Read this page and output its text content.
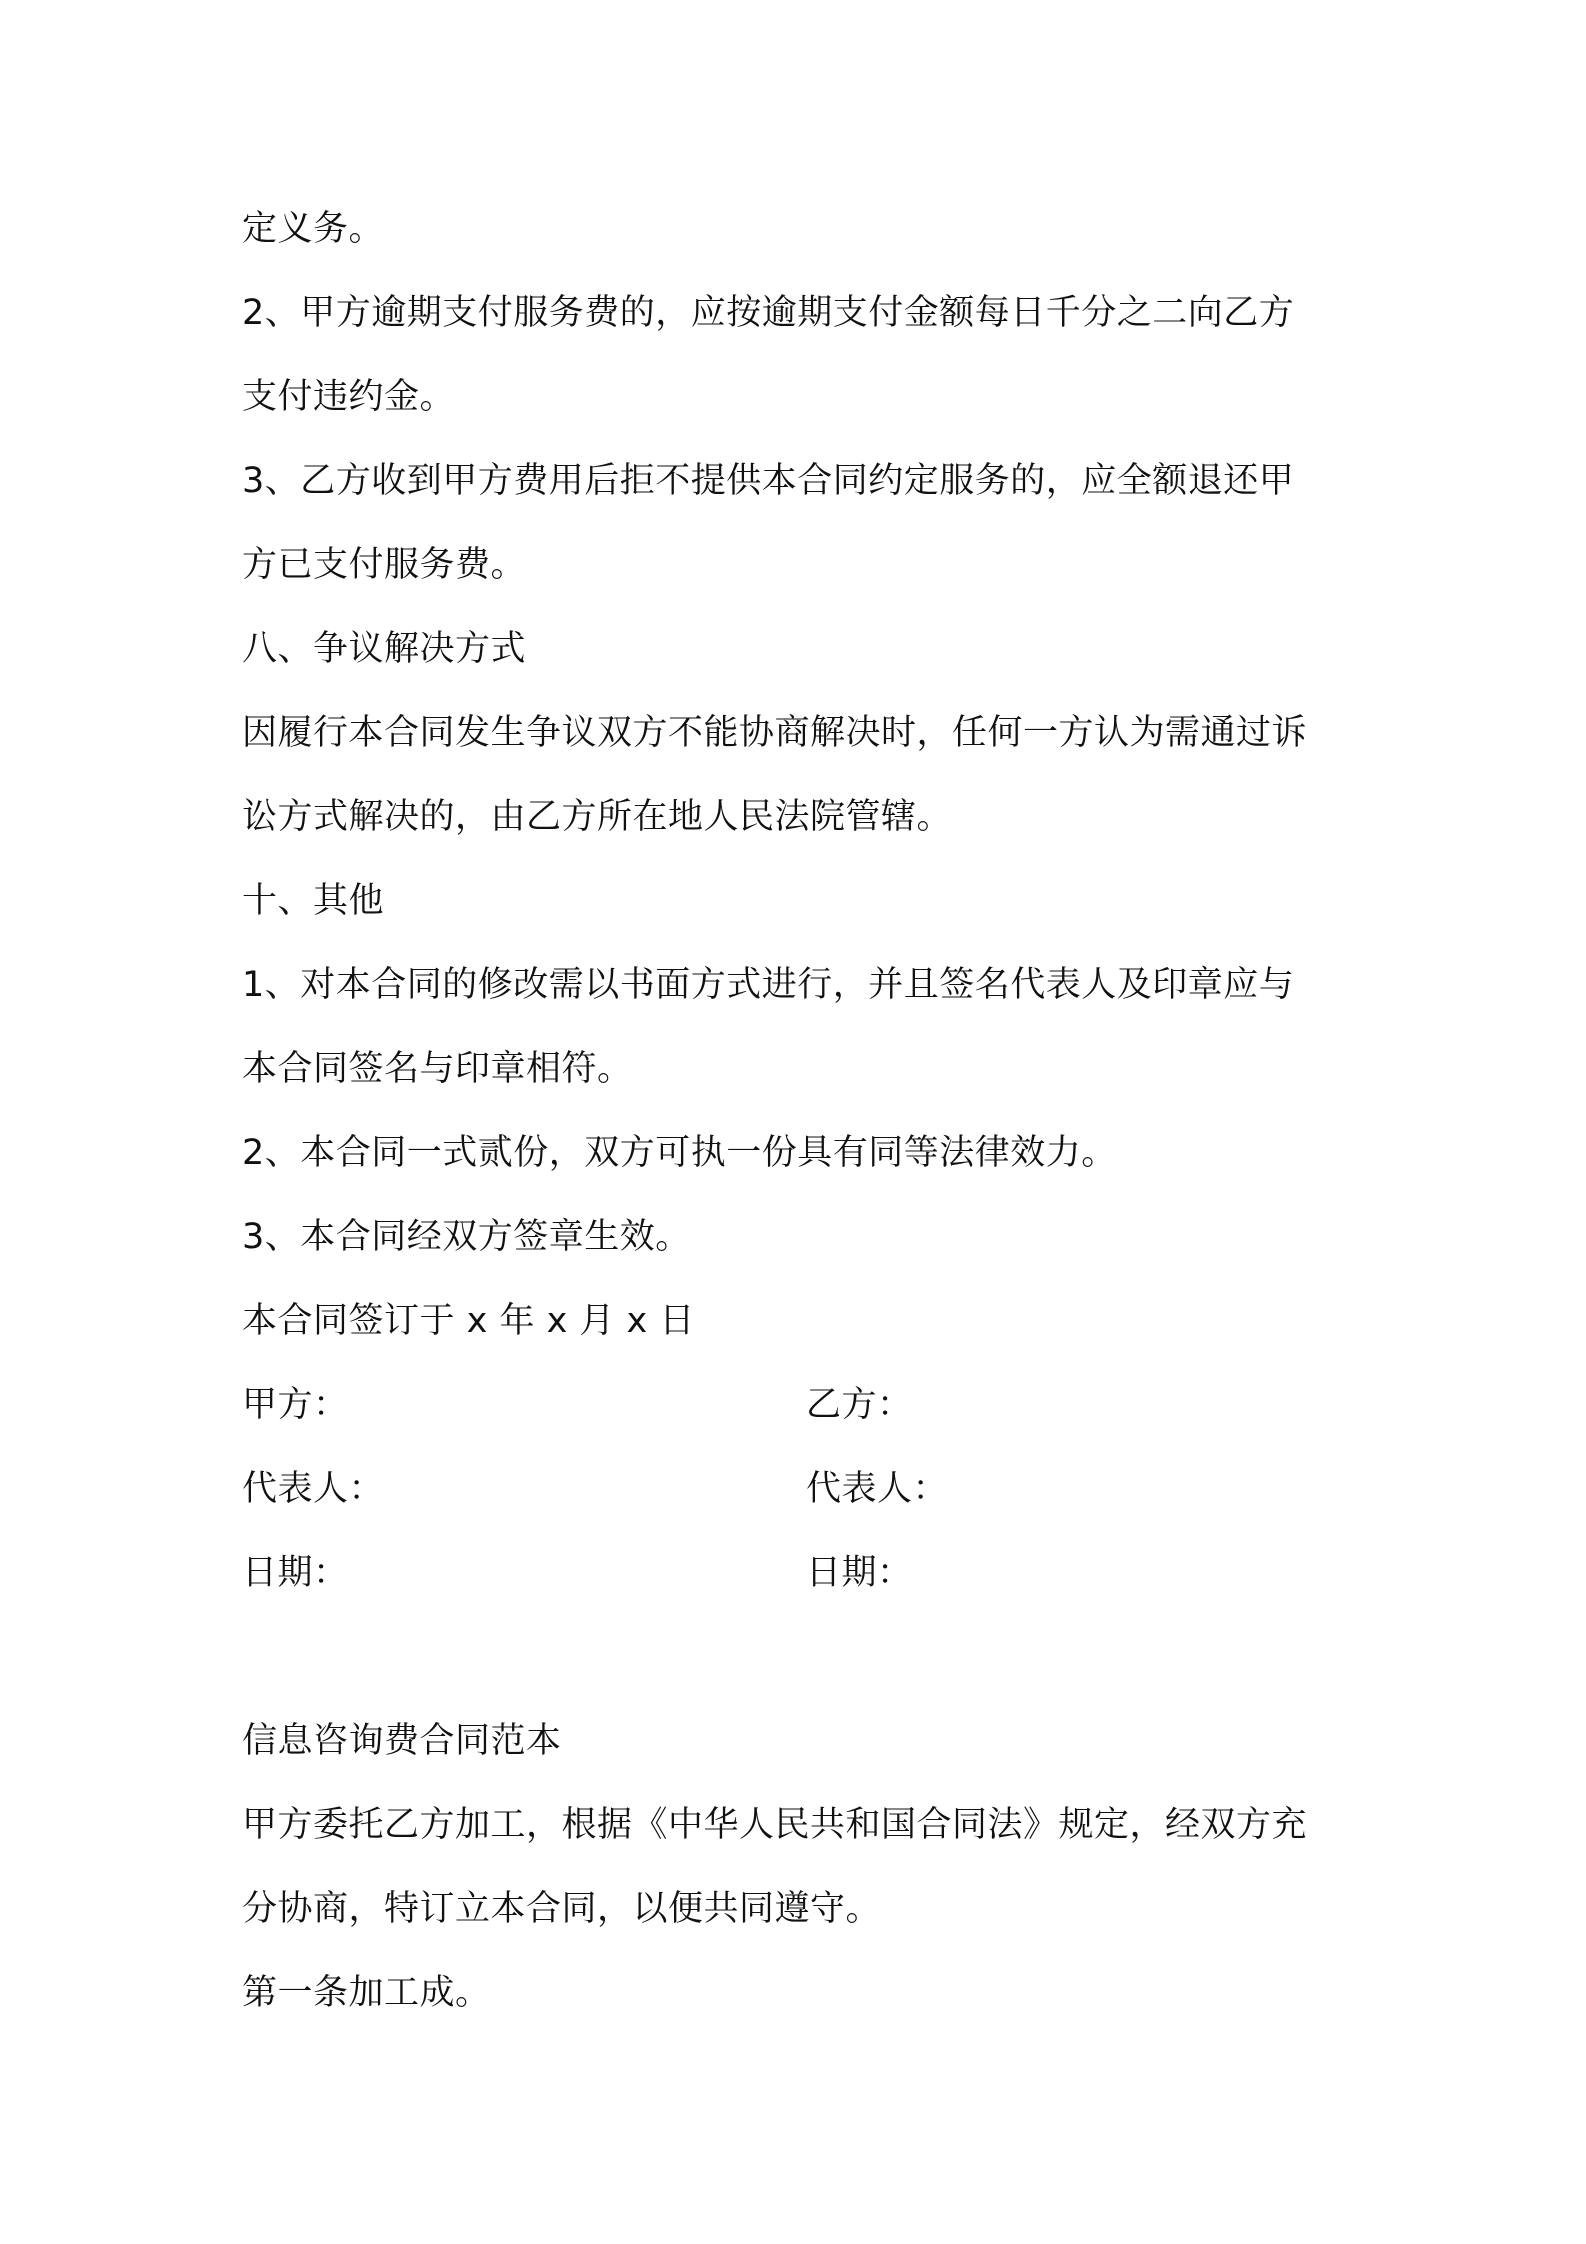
定义务。

2、甲方逾期支付服务费的，应按逾期支付金额每日千分之二向乙方

支付违约金。

3、乙方收到甲方费用后拒不提供本合同约定服务的，应全额退还甲

方已支付服务费。

八、争议解决方式

因履行本合同发生争议双方不能协商解决时，任何一方认为需通过诉

讼方式解决的，由乙方所在地人民法院管辖。

十、其他

1、对本合同的修改需以书面方式进行，并且签名代表人及印章应与

本合同签名与印章相符。

2、本合同一式贰份，双方可执一份具有同等法律效力。

3、本合同经双方签章生效。

本合同签订于 x 年 x 月 x 日

甲方：	乙方：

代表人：	代表人：

日期：	日期：

信息咨询费合同范本

甲方委托乙方加工，根据《中华人民共和国合同法》规定，经双方充

分协商，特订立本合同，以便共同遵守。

第一条加工成。
